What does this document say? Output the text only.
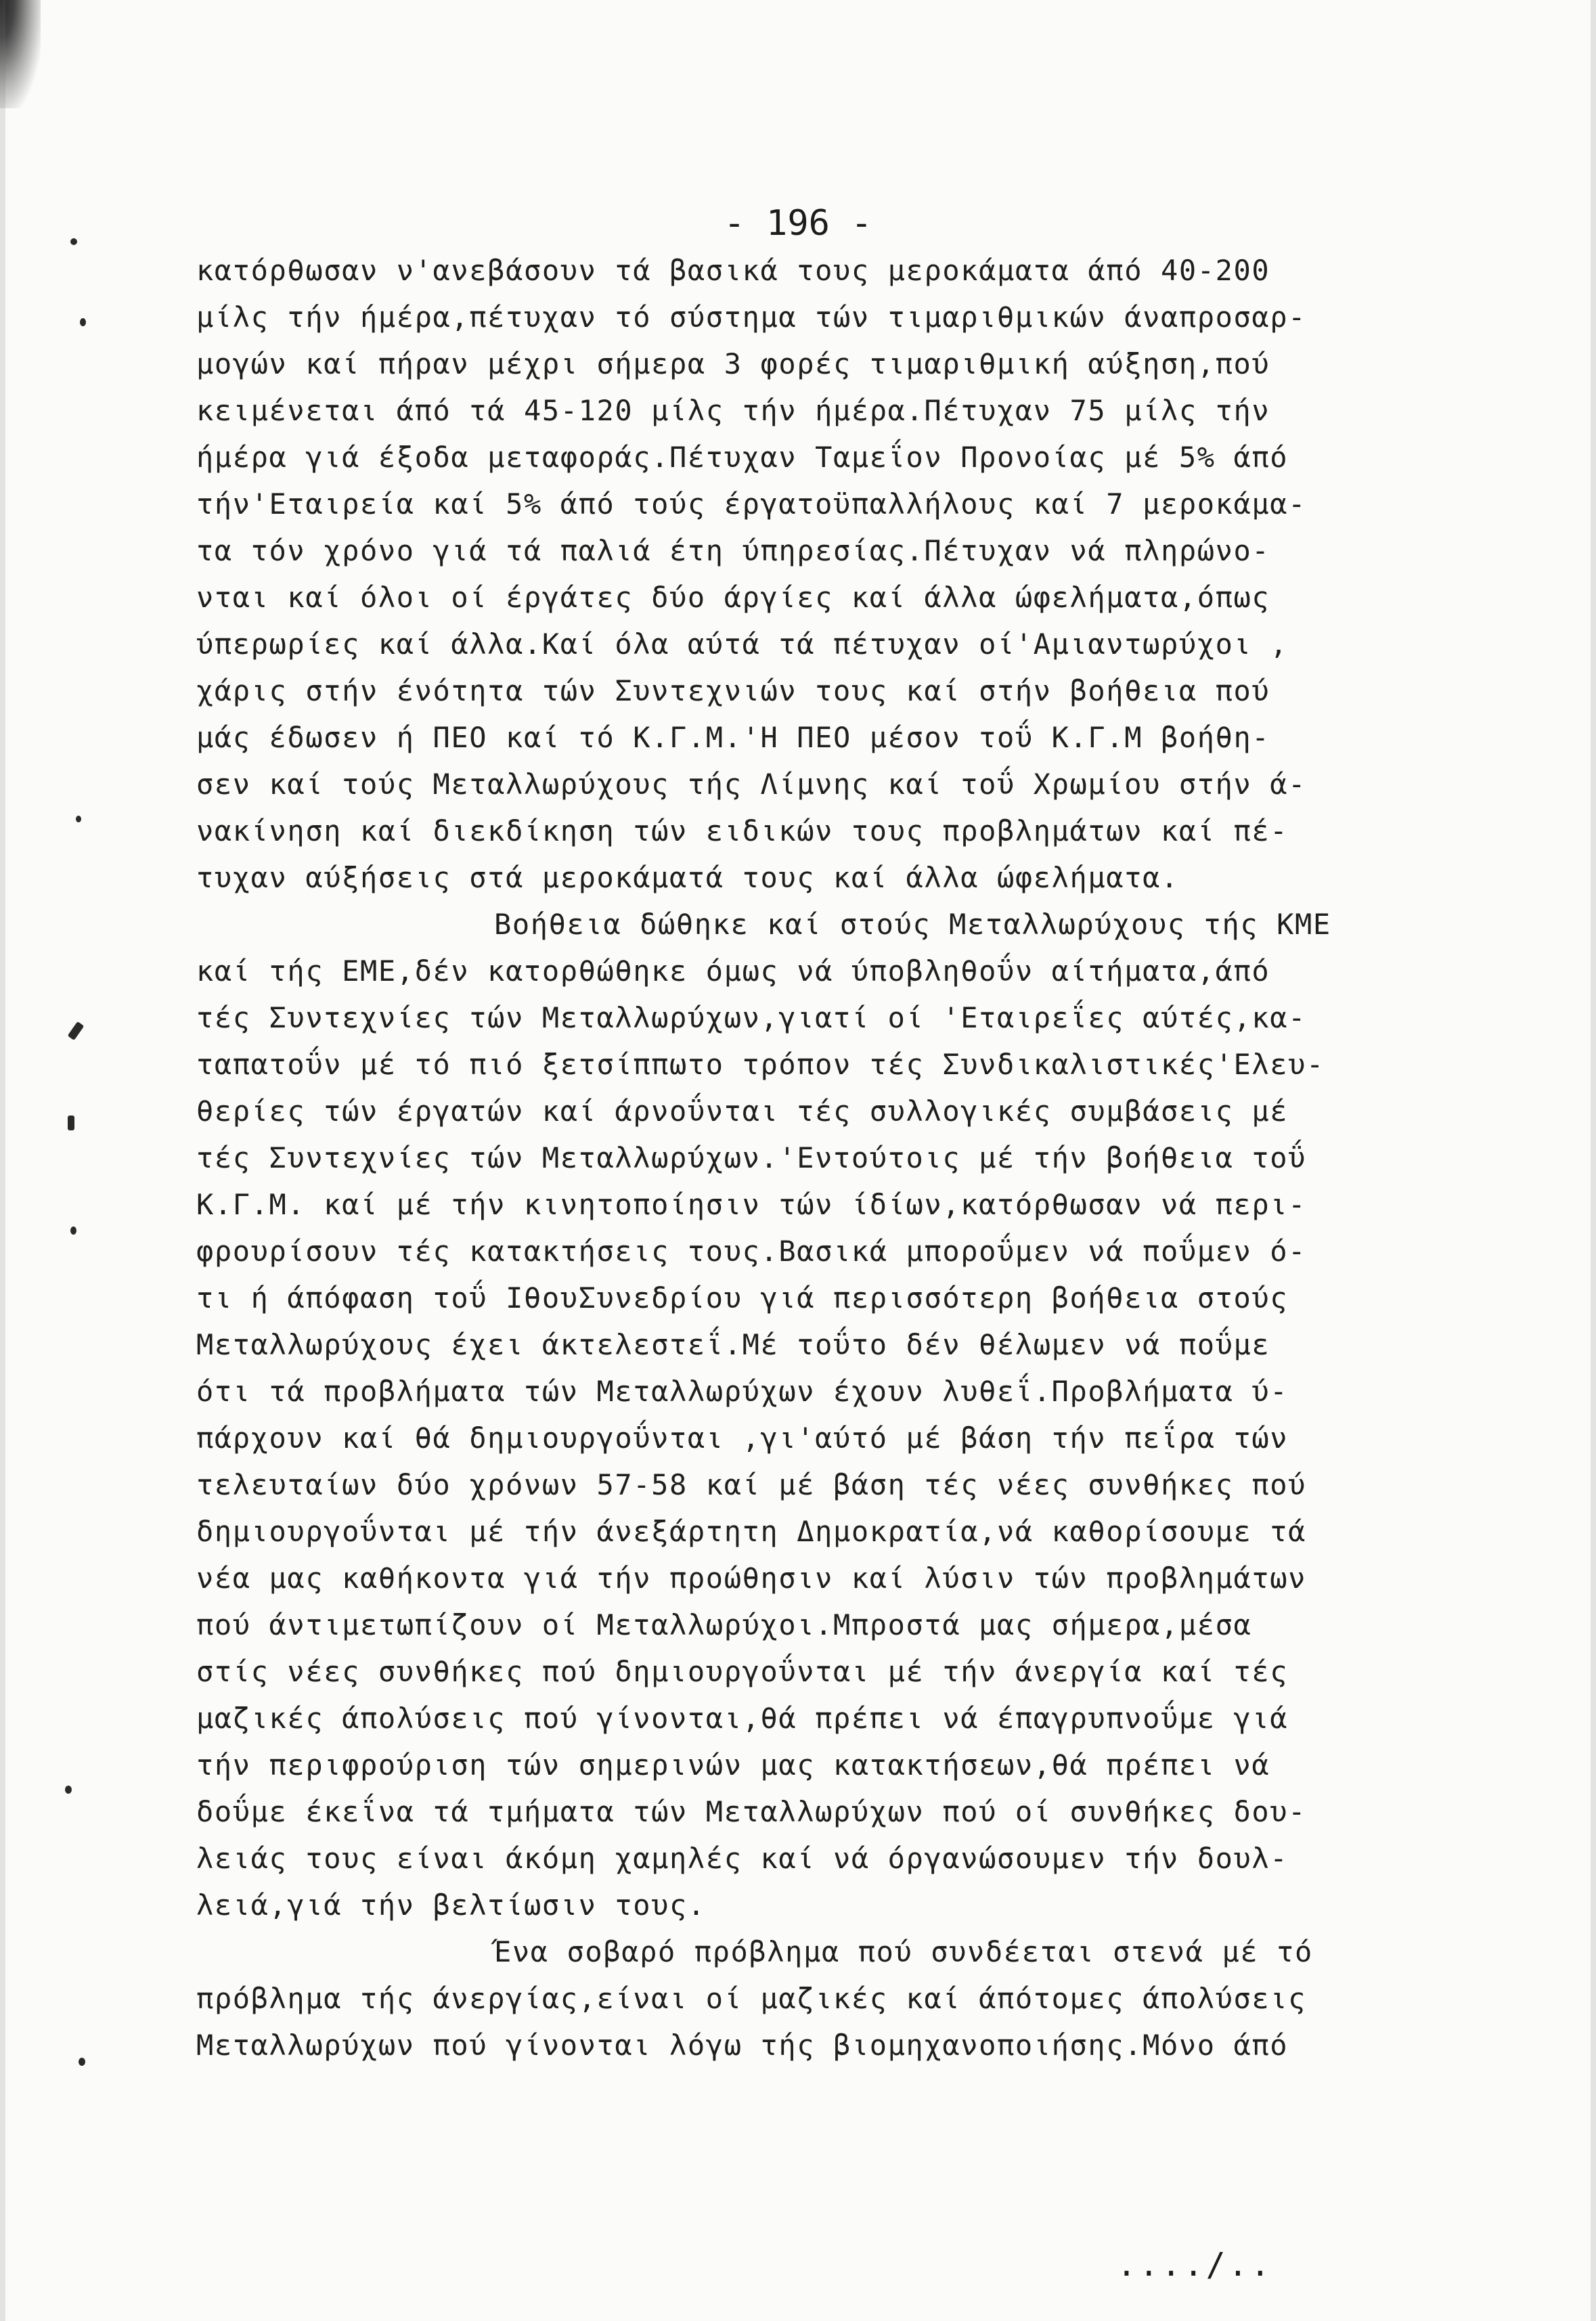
- 196 -
κατόρθωσαν ν'ανεβάσουν τά βασικά τους μεροκάματα άπό 40-200
μίλς τήν ήμέρα,πέτυχαν τό σύστημα τών τιμαριθμικών άναπροσαρ-
μογών καί πήραν μέχρι σήμερα 3 φορές τιμαριθμική αύξηση,πού
κειμένεται άπό τά 45-120 μίλς τήν ήμέρα.Πέτυχαν 75 μίλς τήν
ήμέρα γιά έξοδα μεταφοράς.Πέτυχαν Ταμεΐον Προνοίας μέ 5% άπό
τήν'Εταιρεία καί 5% άπό τούς έργατοϋπαλλήλους καί 7 μεροκάμα-
τα τόν χρόνο γιά τά παλιά έτη ύπηρεσίας.Πέτυχαν νά πληρώνο-
νται καί όλοι οί έργάτες δύο άργίες καί άλλα ώφελήματα,όπως
ύπερωρίες καί άλλα.Καί όλα αύτά τά πέτυχαν οί'Αμιαντωρύχοι ,
χάρις στήν ένότητα τών Συντεχνιών τους καί στήν βοήθεια πού
μάς έδωσεν ή ΠΕΟ καί τό Κ.Γ.Μ.'Η ΠΕΟ μέσον τοΰ Κ.Γ.Μ βοήθη-
σεν καί τούς Μεταλλωρύχους τής Λίμνης καί τοΰ Χρωμίου στήν ά-
νακίνηση καί διεκδίκηση τών ειδικών τους προβλημάτων καί πέ-
τυχαν αύξήσεις στά μεροκάματά τους καί άλλα ώφελήματα.
Βοήθεια δώθηκε καί στούς Μεταλλωρύχους τής ΚΜΕ
καί τής ΕΜΕ,δέν κατορθώθηκε όμως νά ύποβληθοΰν αίτήματα,άπό
τές Συντεχνίες τών Μεταλλωρύχων,γιατί οί 'Εταιρεΐες αύτές,κα-
ταπατοΰν μέ τό πιό ξετσίππωτο τρόπον τές Συνδικαλιστικές'Ελευ-
θερίες τών έργατών καί άρνοΰνται τές συλλογικές συμβάσεις μέ
τές Συντεχνίες τών Μεταλλωρύχων.'Εντούτοις μέ τήν βοήθεια τοΰ
Κ.Γ.Μ. καί μέ τήν κινητοποίησιν τών ίδίων,κατόρθωσαν νά περι-
φρουρίσουν τές κατακτήσεις τους.Βασικά μποροΰμεν νά ποΰμεν ό-
τι ή άπόφαση τοΰ ΙθουΣυνεδρίου γιά περισσότερη βοήθεια στούς
Μεταλλωρύχους έχει άκτελεστεΐ.Μέ τοΰτο δέν θέλωμεν νά ποΰμε
ότι τά προβλήματα τών Μεταλλωρύχων έχουν λυθεΐ.Προβλήματα ύ-
πάρχουν καί θά δημιουργοΰνται ,γι'αύτό μέ βάση τήν πεΐρα τών
τελευταίων δύο χρόνων 57-58 καί μέ βάση τές νέες συνθήκες πού
δημιουργοΰνται μέ τήν άνεξάρτητη Δημοκρατία,νά καθορίσουμε τά
νέα μας καθήκοντα γιά τήν προώθησιν καί λύσιν τών προβλημάτων
πού άντιμετωπίζουν οί Μεταλλωρύχοι.Μπροστά μας σήμερα,μέσα
στίς νέες συνθήκες πού δημιουργοΰνται μέ τήν άνεργία καί τές
μαζικές άπολύσεις πού γίνονται,θά πρέπει νά έπαγρυπνοΰμε γιά
τήν περιφρούριση τών σημερινών μας κατακτήσεων,θά πρέπει νά
δοΰμε έκεΐνα τά τμήματα τών Μεταλλωρύχων πού οί συνθήκες δου-
λειάς τους είναι άκόμη χαμηλές καί νά όργανώσουμεν τήν δουλ-
λειά,γιά τήν βελτίωσιν τους.
Ένα σοβαρό πρόβλημα πού συνδέεται στενά μέ τό
πρόβλημα τής άνεργίας,είναι οί μαζικές καί άπότομες άπολύσεις
Μεταλλωρύχων πού γίνονται λόγω τής βιομηχανοποιήσης.Μόνο άπό
..../..
